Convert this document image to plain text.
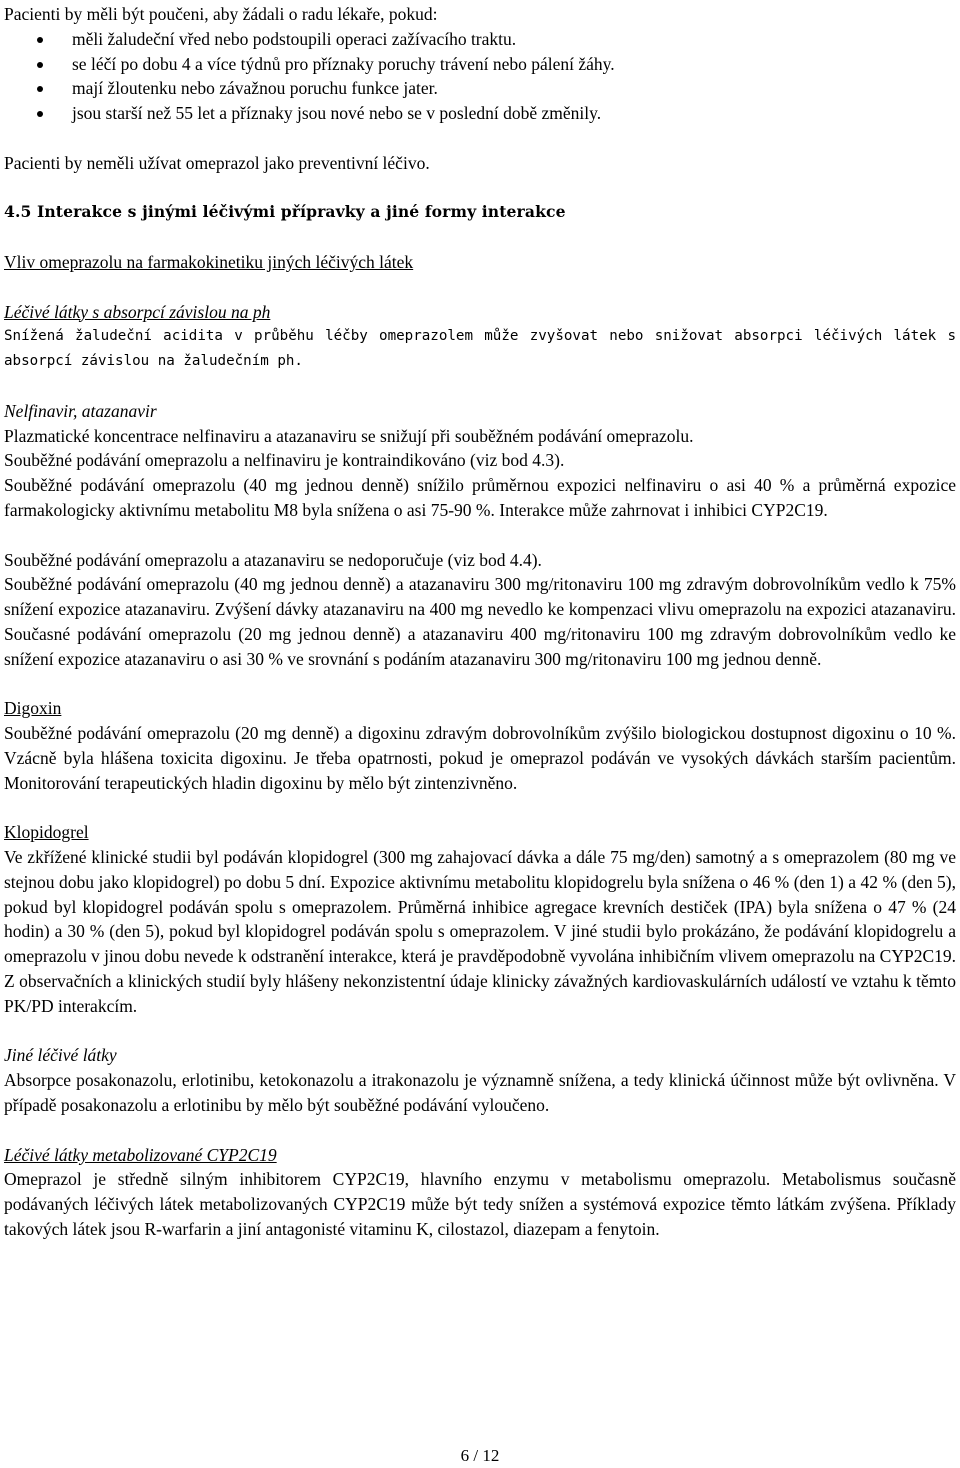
Pacienti by měli být poučeni, aby žádali o radu lékaře, pokud:

měli žaludeční vřed nebo podstoupili operaci zažívacího traktu.
se léčí po dobu 4 a více týdnů pro příznaky poruchy trávení nebo pálení žáhy.
mají žloutenku nebo závažnou poruchu funkce jater.
jsou starší než 55 let a příznaky jsou nové nebo se v poslední době změnily.

Pacienti by neměli užívat omeprazol jako preventivní léčivo.

4.5 Interakce s jinými léčivými přípravky a jiné formy interakce

Vliv omeprazolu na farmakokinetiku jiných léčivých látek

Léčivé látky s absorpcí závislou na ph

Snížená žaludeční acidita v průběhu léčby omeprazolem může zvyšovat nebo snižovat absorpci léčivých látek s absorpcí závislou na žaludečním ph.

Nelfinavir, atazanavir

Plazmatické koncentrace nelfinaviru a atazanaviru se snižují při souběžném podávání omeprazolu.

Souběžné podávání omeprazolu a nelfinaviru je kontraindikováno (viz bod 4.3).

Souběžné podávání omeprazolu (40 mg jednou denně) snížilo průměrnou expozici nelfinaviru o asi 40 % a průměrná expozice farmakologicky aktivnímu metabolitu M8 byla snížena o asi 75-90 %. Interakce může zahrnovat i inhibici CYP2C19.

Souběžné podávání omeprazolu a atazanaviru se nedoporučuje (viz bod 4.4).

Souběžné podávání omeprazolu (40 mg jednou denně) a atazanaviru 300 mg/ritonaviru 100 mg zdravým dobrovolníkům vedlo k 75% snížení expozice atazanaviru. Zvýšení dávky atazanaviru na 400 mg nevedlo ke kompenzaci vlivu omeprazolu na expozici atazanaviru. Současné podávání omeprazolu (20 mg jednou denně) a atazanaviru 400 mg/ritonaviru 100 mg zdravým dobrovolníkům vedlo ke snížení expozice atazanaviru o asi 30 % ve srovnání s podáním atazanaviru 300 mg/ritonaviru 100 mg jednou denně.

Digoxin

Souběžné podávání omeprazolu (20 mg denně) a digoxinu zdravým dobrovolníkům zvýšilo biologickou dostupnost digoxinu o 10 %. Vzácně byla hlášena toxicita digoxinu. Je třeba opatrnosti, pokud je omeprazol podáván ve vysokých dávkách starším pacientům. Monitorování terapeutických hladin digoxinu by mělo být zintenzivněno.

Klopidogrel

Ve zkřížené klinické studii byl podáván klopidogrel (300 mg zahajovací dávka a dále 75 mg/den) samotný a s omeprazolem (80 mg ve stejnou dobu jako klopidogrel) po dobu 5 dní. Expozice aktivnímu metabolitu klopidogrelu byla snížena o 46 % (den 1) a 42 % (den 5), pokud byl klopidogrel podáván spolu s omeprazolem. Průměrná inhibice agregace krevních destiček (IPA) byla snížena o 47 % (24 hodin) a 30 % (den 5), pokud byl klopidogrel podáván spolu s omeprazolem. V jiné studii bylo prokázáno, že podávání klopidogrelu a omeprazolu v jinou dobu nevede k odstranění interakce, která je pravděpodobně vyvolána inhibičním vlivem omeprazolu na CYP2C19. Z observačních a klinických studií byly hlášeny nekonzistentní údaje klinicky závažných kardiovaskulárních událostí ve vztahu k těmto PK/PD interakcím.

Jiné léčivé látky

Absorpce posakonazolu, erlotinibu, ketokonazolu a itrakonazolu je významně snížena, a tedy klinická účinnost může být ovlivněna. V případě posakonazolu a erlotinibu by mělo být souběžné podávání vyloučeno.

Léčivé látky metabolizované CYP2C19

Omeprazol je středně silným inhibitorem CYP2C19, hlavního enzymu v metabolismu omeprazolu. Metabolismus současně podávaných léčivých látek metabolizovaných CYP2C19 může být tedy snížen a systémová expozice těmto látkám zvýšena. Příklady takových látek jsou R-warfarin a jiní antagonisté vitaminu K, cilostazol, diazepam a fenytoin.

6 / 12
